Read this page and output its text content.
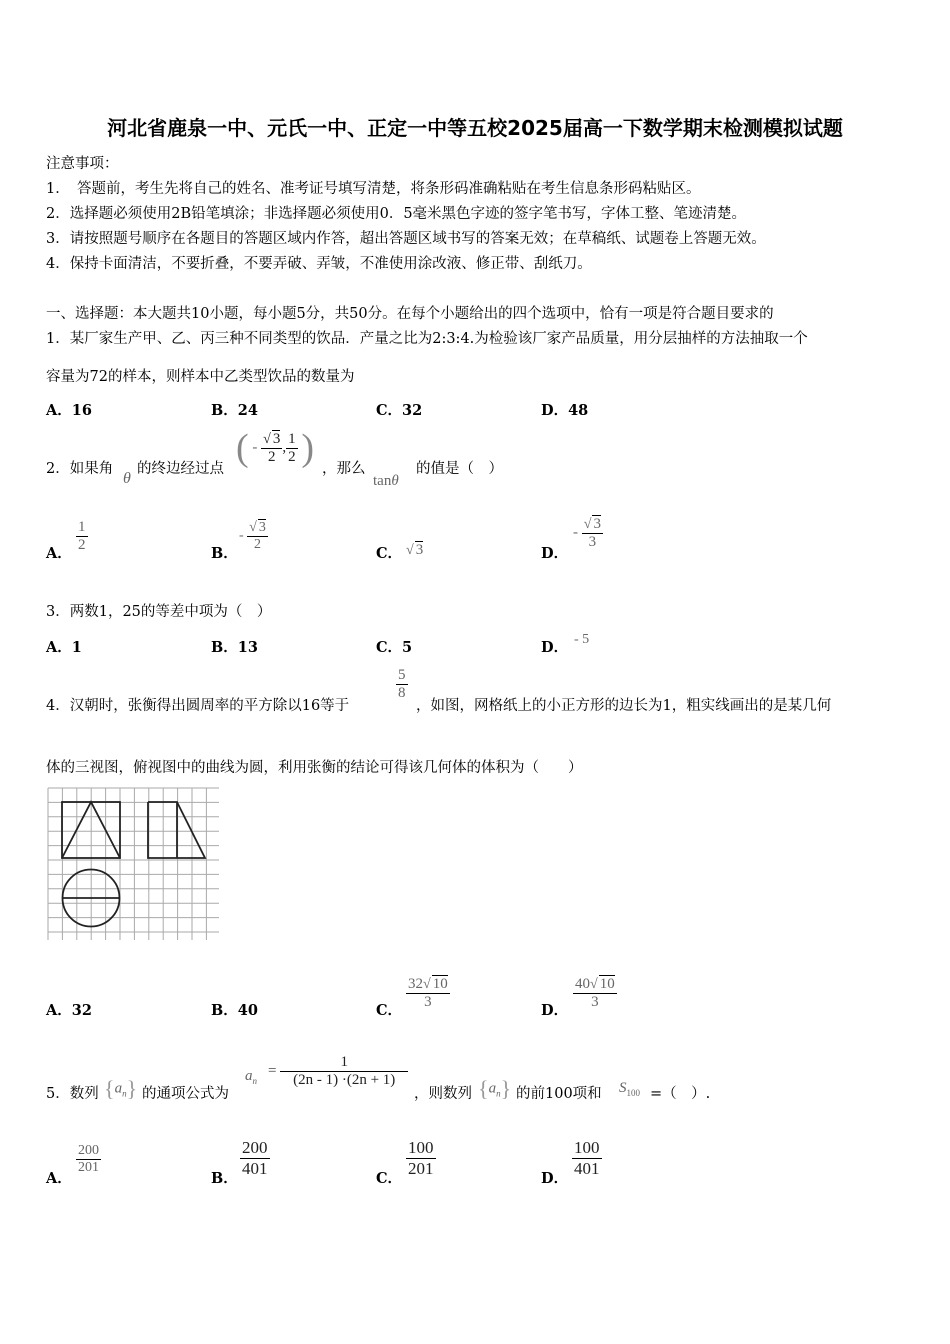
河北省鹿泉一中、元氏一中、正定一中等五校2025届高一下数学期末检测模拟试题
注意事项：
1．　答题前，考生先将自己的姓名、准考证号填写清楚，将条形码准确粘贴在考生信息条形码粘贴区。
2．选择题必须使用2B铅笔填涂；非选择题必须使用0．5毫米黑色字迹的签字笔书写，字体工整、笔迹清楚。
3．请按照题号顺序在各题目的答题区域内作答，超出答题区域书写的答案无效；在草稿纸、试题卷上答题无效。
4．保持卡面清洁，不要折叠，不要弄破、弄皱，不准使用涂改液、修正带、刮纸刀。
一、选择题：本大题共10小题，每小题5分，共50分。在每个小题给出的四个选项中，恰有一项是符合题目要求的
1．某厂家生产甲、乙、丙三种不同类型的饮品．产量之比为2:3:4.为检验该厂家产品质量，用分层抽样的方法抽取一个
容量为72的样本，则样本中乙类型饮品的数量为
A．16	B．24	C．32	D．48
2．如果角
θ
的终边经过点 ( - $\frac{√ 3}{2}$ , $\frac{1}{2}$ ) ，那么
tanθ
的值是（　）
A． $\frac{1}{2}$	B．
- $\frac{√ 3}{2}$
C． √ 3	D．
- $\frac{√ 3}{3}$
3．两数1，25的等差中项为（　）
A．1	B．13	C．5	D． - 5
4．汉朝时，张衡得出圆周率的平方除以16等于
$\frac{5}{8}$
，如图，网格纸上的小正方形的边长为1，粗实线画出的是某几何
体的三视图，俯视图中的曲线为圆，利用张衡的结论可得该几何体的体积为（　　）
A．32	B．40	C． $\frac{32√ 10}{3}$	D． $\frac{40√ 10}{3}$
5．数列 $\{a_n\}$ 的通项公式为
$a_n$
= $\frac{1}{(2n - 1) \cdot(2n + 1)}$
，则数列 $\{a_n\}$ 的前100项和 $S_{100}$ =（　）.
A．
$\frac{200}{201}$
B． $\frac{200}{401}$	C． $\frac{100}{201}$	D． $\frac{100}{401}$
